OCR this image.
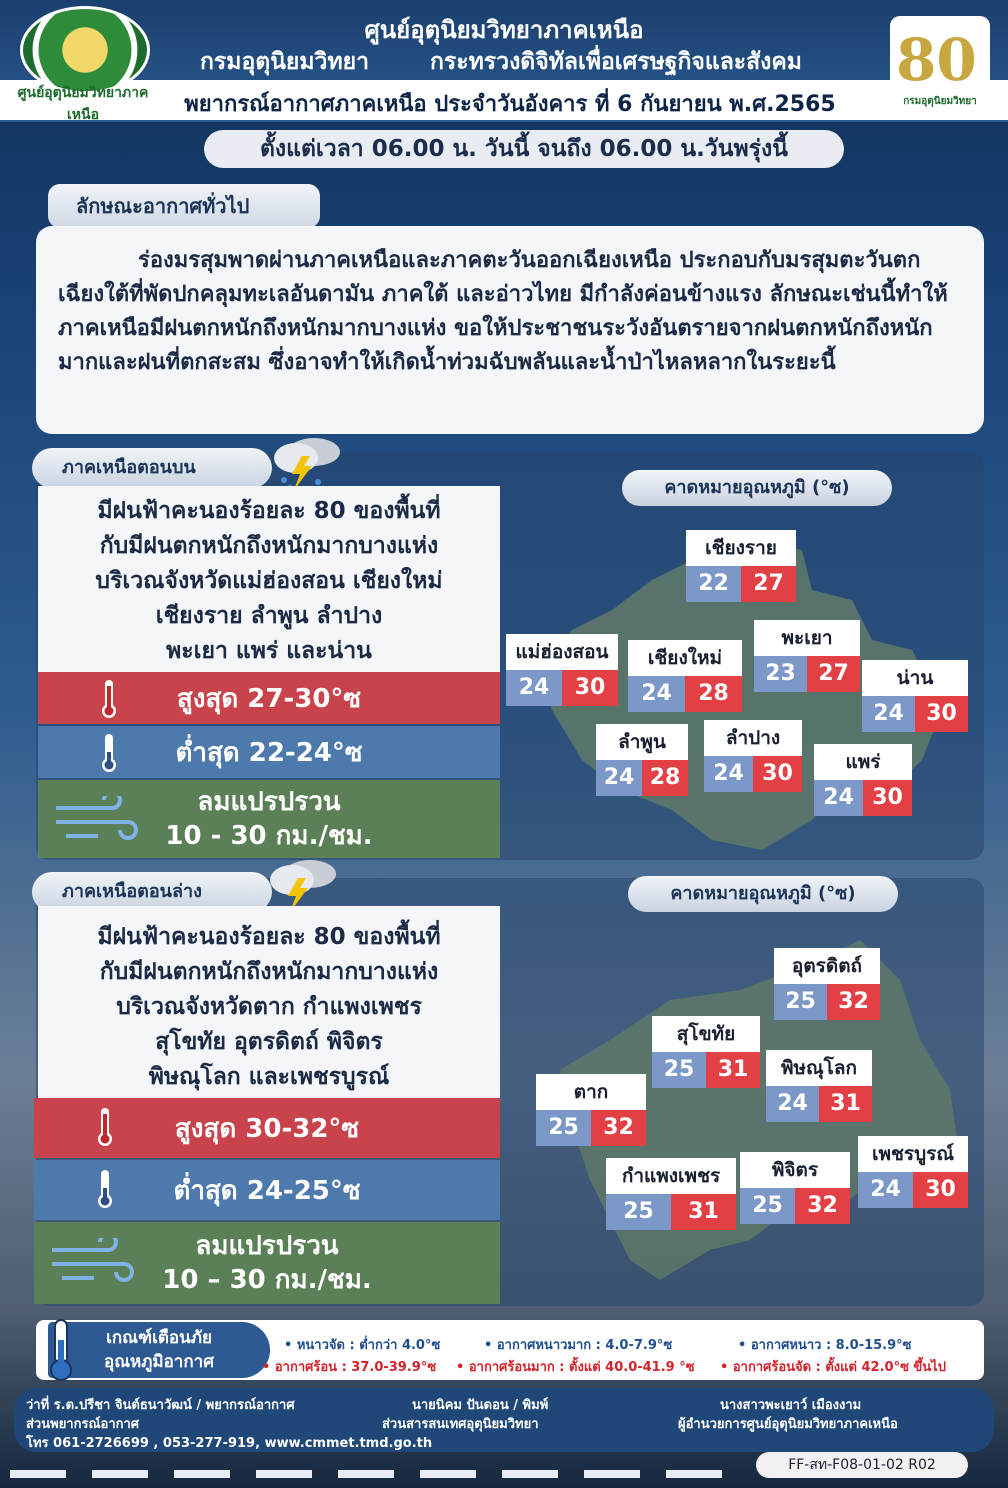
ศูนย์อุตุนิยมวิทยาภาคเหนือ
ศูนย์อุตุนิยมวิทยาภาคเหนือ
กรมอุตุนิยมวิทยา	กระทรวงดิจิทัลเพื่อเศรษฐกิจและสังคม
พยากรณ์อากาศภาคเหนือ ประจำวันอังคาร ที่ 6 กันยายน พ.ศ.2565
80
กรมอุตุนิยมวิทยา
ตั้งแต่เวลา 06.00 น. วันนี้ จนถึง 06.00 น.วันพรุ่งนี้
ลักษณะอากาศทั่วไป

ร่องมรสุมพาดผ่านภาคเหนือและภาคตะวันออกเฉียงเหนือ ประกอบกับมรสุมตะวันตกเฉียงใต้ที่พัดปกคลุมทะเลอันดามัน ภาคใต้ และอ่าวไทย มีกำลังค่อนข้างแรง ลักษณะเช่นนี้ทำให้ภาคเหนือมีฝนตกหนักถึงหนักมากบางแห่ง ขอให้ประชาชนระวังอันตรายจากฝนตกหนักถึงหนักมากและฝนที่ตกสะสม ซึ่งอาจทำให้เกิดน้ำท่วมฉับพลันและน้ำป่าไหลหลากในระยะนี้

ภาคเหนือตอนบน
มีฝนฟ้าคะนองร้อยละ 80 ของพื้นที่
กับมีฝนตกหนักถึงหนักมากบางแห่ง
บริเวณจังหวัดแม่ฮ่องสอน เชียงใหม่
เชียงราย ลำพูน ลำปาง
พะเยา แพร่ และน่าน
สูงสุด 27-30°ซ
ต่ำสุด 22-24°ซ
ลมแปรปรวน
10 - 30 กม./ชม.
คาดหมายอุณหภูมิ (°ซ)
เชียงราย
22	27
แม่ฮ่องสอน
24	30
เชียงใหม่
24	28
พะเยา
23	27	น่าน
24	30
ลำพูน
24 28
ลำปาง
24 30	แพร่
24 30
ภาคเหนือตอนล่าง
มีฝนฟ้าคะนองร้อยละ 80 ของพื้นที่
กับมีฝนตกหนักถึงหนักมากบางแห่ง
บริเวณจังหวัดตาก กำแพงเพชร
สุโขทัย อุตรดิตถ์ พิจิตร
พิษณุโลก และเพชรบูรณ์
สูงสุด 30-32°ซ
ต่ำสุด 24-25°ซ
ลมแปรปรวน
10 – 30 กม./ชม.
คาดหมายอุณหภูมิ (°ซ)
อุตรดิตถ์
25	32
สุโขทัย
25	31	พิษณุโลก
24	31
ตาก
25	32
กำแพงเพชร
25	31
พิจิตร
25	32
เพชรบูรณ์
24	30
เกณฑ์เตือนภัย
อุณหภูมิอากาศ
• หนาวจัด : ต่ำกว่า 4.0°ซ	• อากาศหนาวมาก : 4.0-7.9°ซ	• อากาศหนาว : 8.0-15.9°ซ
• อากาศร้อน : 37.0-39.9°ซ • อากาศร้อนมาก : ตั้งแต่ 40.0-41.9 °ซ • อากาศร้อนจัด : ตั้งแต่ 42.0°ซ ขึ้นไป
ว่าที่ ร.ต.ปรีชา จินต์ธนาวัฒน์ / พยากรณ์อากาศ	นายนิคม ปันดอน / พิมพ์	นางสาวพะเยาว์ เมืองงาม
ส่วนพยากรณ์อากาศ	ส่วนสารสนเทศอุตุนิยมวิทยา	ผู้อำนวยการศูนย์อุตุนิยมวิทยาภาคเหนือ
โทร 061-2726699 , 053-277-919, www.cmmet.tmd.go.th
FF-สท-F08-01-02 R02
